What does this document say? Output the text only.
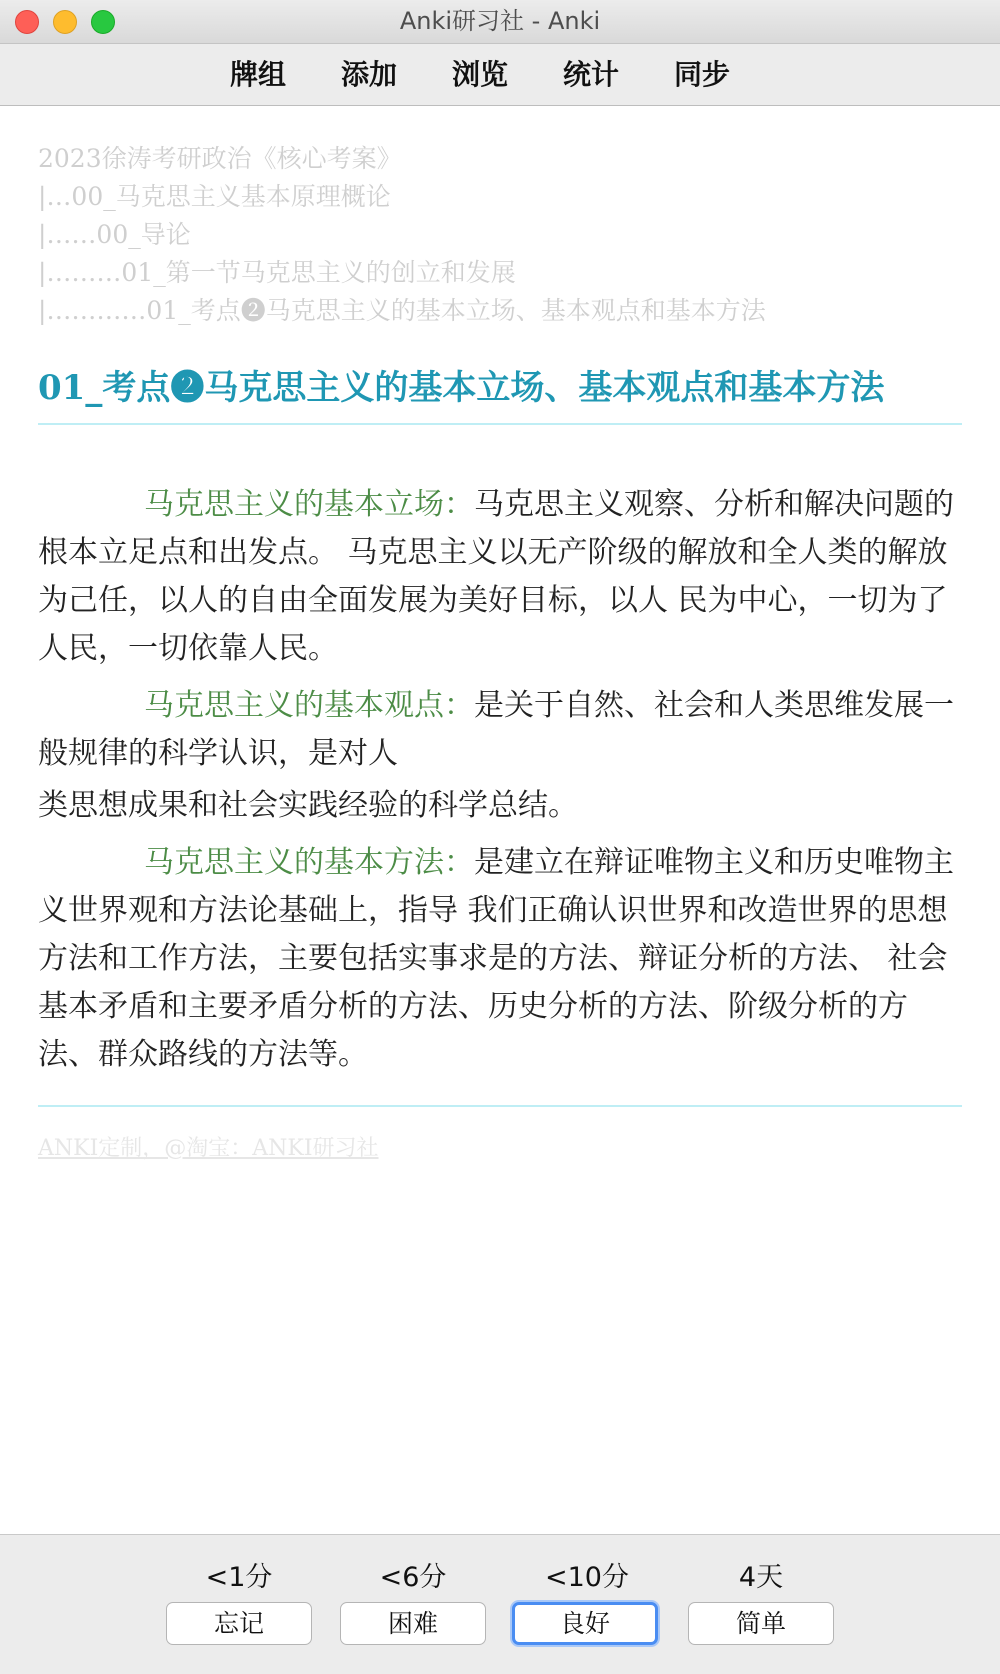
Anki研习社 - Anki
牌组 添加 浏览 统计 同步
2023徐涛考研政治《核心考案》
|…00_马克思主义基本原理概论
|……00_导论
|………01_第一节马克思主义的创立和发展
|…………01_考点❷马克思主义的基本立场、基本观点和基本方法
01_考点❷马克思主义的基本立场、基本观点和基本方法

马克思主义的基本立场：马克思主义观察、分析和解决问题的根本立足点和出发点。 马克思主义以无产阶级的解放和全人类的解放为己任，以人的自由全面发展为美好目标，以人 民为中心，一切为了人民，一切依靠人民。

马克思主义的基本观点：是关于自然、社会和人类思维发展一般规律的科学认识，是对人

类思想成果和社会实践经验的科学总结。

马克思主义的基本方法：是建立在辩证唯物主义和历史唯物主义世界观和方法论基础上，指导 我们正确认识世界和改造世界的思想方法和工作方法，主要包括实事求是的方法、辩证分析的方法、 社会基本矛盾和主要矛盾分析的方法、历史分析的方法、阶级分析的方法、群众路线的方法等。

ANKI定制，@淘宝：ANKI研习社
<1分	<6分	<10分	4天
忘记	困难	良好	简单
